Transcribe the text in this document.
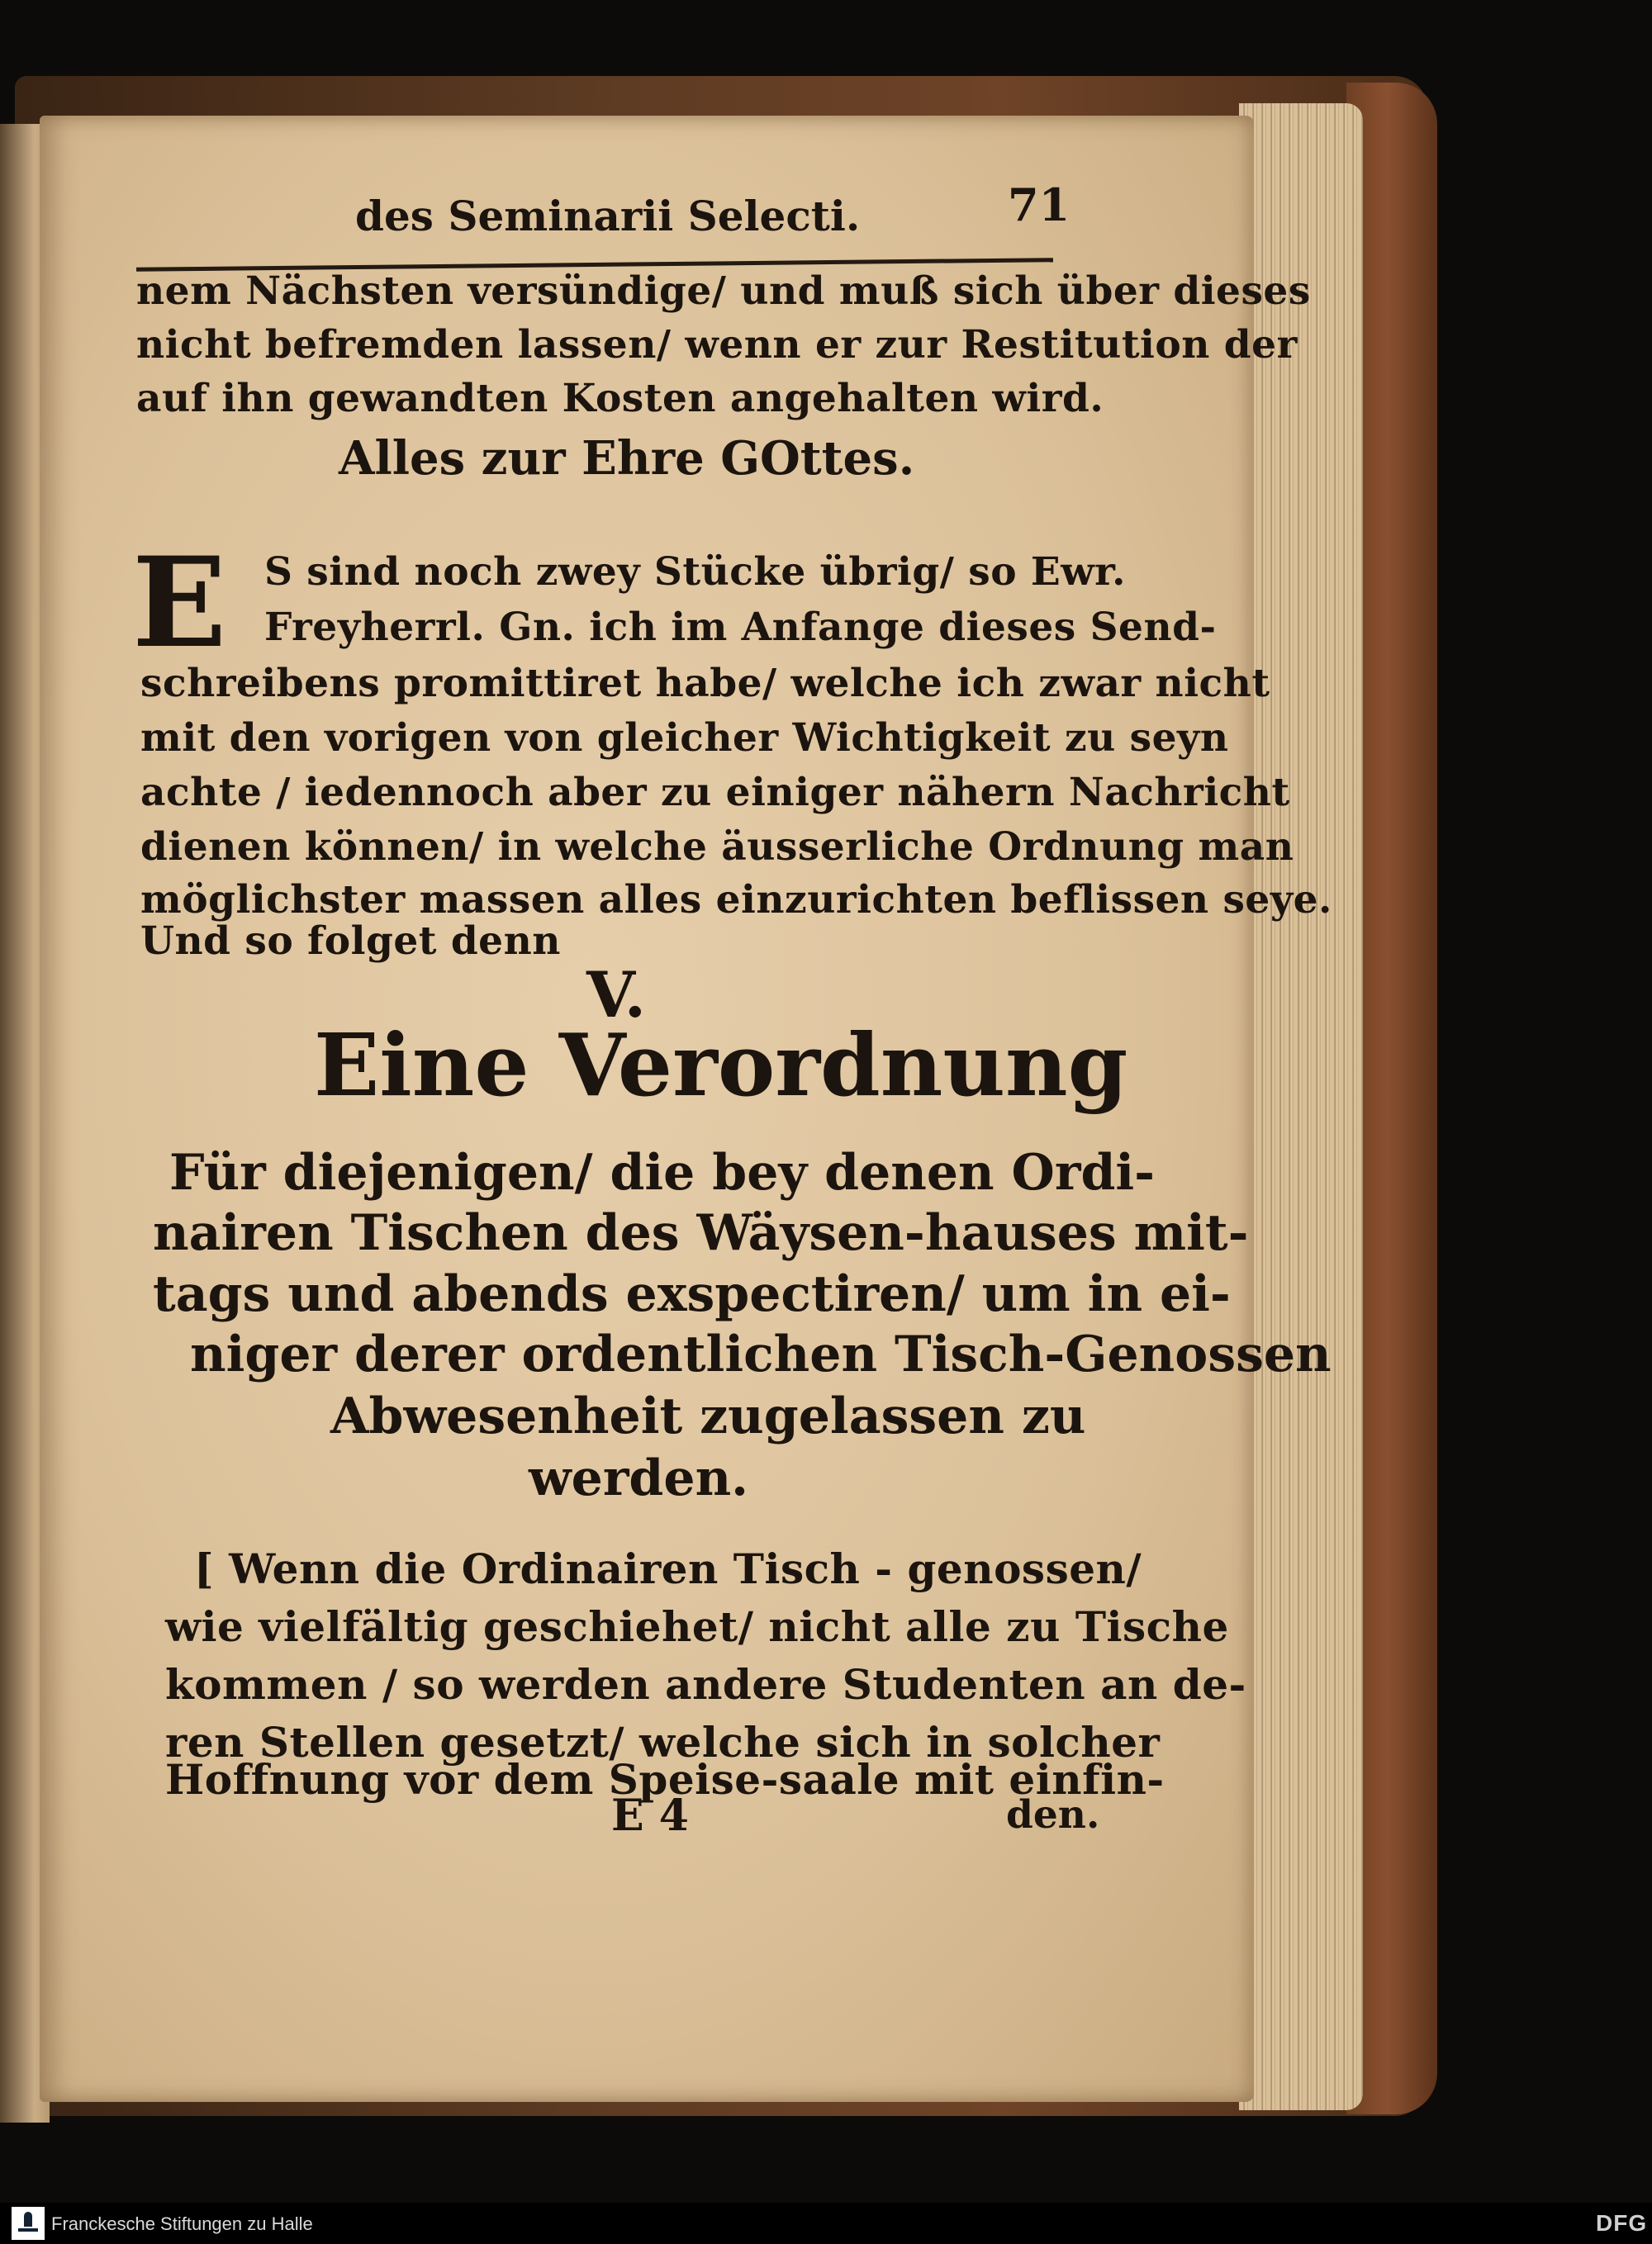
des Seminarii Selecti.	71

nem Nächsten versündige/ und muß sich über dieses

nicht befremden lassen/ wenn er zur Restitution der

auf ihn gewandten Kosten angehalten wird.

Alles zur Ehre GOttes.

E S sind noch zwey Stücke übrig/ so Ewr.

Freyherrl. Gn. ich im Anfange dieses Send-

schreibens promittiret habe/ welche ich zwar nicht

mit den vorigen von gleicher Wichtigkeit zu seyn

achte / iedennoch aber zu einiger nähern Nachricht

dienen können/ in welche äusserliche Ordnung man

möglichster massen alles einzurichten beflissen seye.

Und so folget denn

V.

Eine Verordnung

Für diejenigen/ die bey denen Ordi-

nairen Tischen des Wäysen-hauses mit-

tags und abends exspectiren/ um in ei-

niger derer ordentlichen Tisch-Genossen

Abwesenheit zugelassen zu

werden.

[ Wenn die Ordinairen Tisch - genossen/

wie vielfältig geschiehet/ nicht alle zu Tische

kommen / so werden andere Studenten an de-

ren Stellen gesetzt/ welche sich in solcher

Hoffnung vor dem Speise-saale mit einfin-

E 4	den.

Franckesche Stiftungen zu Halle	DFG
